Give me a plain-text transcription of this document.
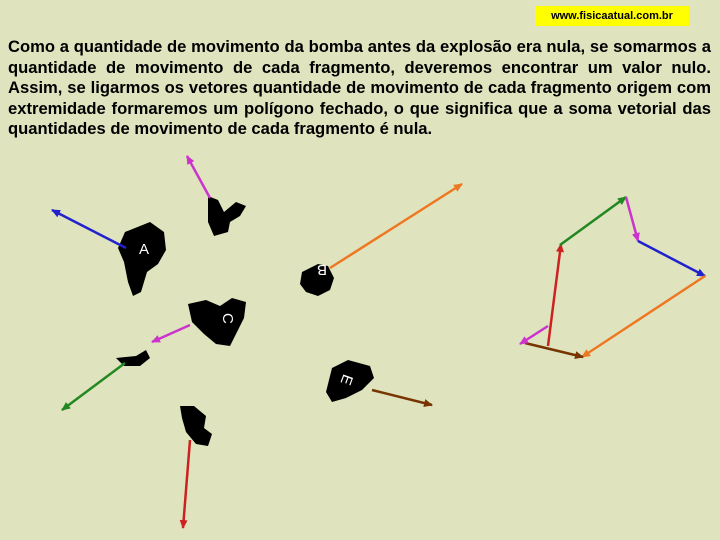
www.fisicaatual.com.br

Como a quantidade de movimento da bomba antes da explosão era nula, se somarmos a quantidade de movimento de cada fragmento, deveremos encontrar um valor nulo. Assim, se ligarmos os vetores quantidade de movimento de cada fragmento origem com extremidade formaremos um polígono fechado, o que significa que a soma vetorial das quantidades de movimento de cada fragmento é nula.

A
B
C
E
